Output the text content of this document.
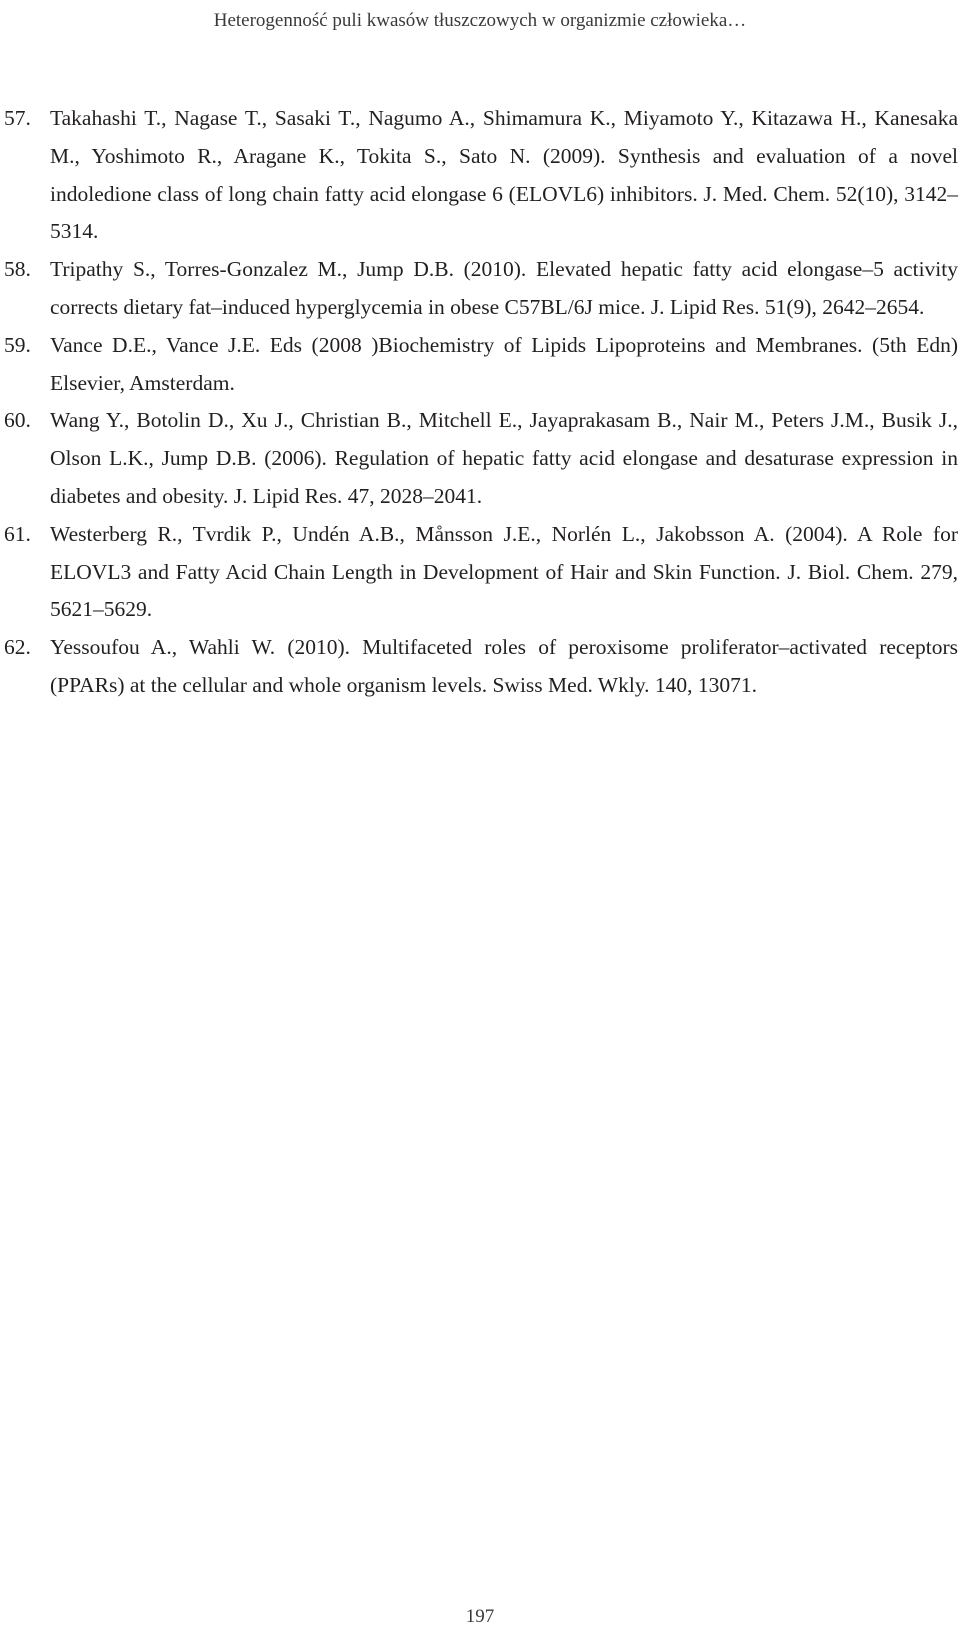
Heterogenność puli kwasów tłuszczowych w organizmie człowieka…
57. Takahashi T., Nagase T., Sasaki T., Nagumo A., Shimamura K., Miyamoto Y., Kitazawa H., Kanesaka M., Yoshimoto R., Aragane K., Tokita S., Sato N. (2009). Synthesis and evaluation of a novel indoledione class of long chain fatty acid elongase 6 (ELOVL6) inhibitors. J. Med. Chem. 52(10), 3142–5314.
58. Tripathy S., Torres-Gonzalez M., Jump D.B. (2010). Elevated hepatic fatty acid elongase–5 activity corrects dietary fat–induced hyperglycemia in obese C57BL/6J mice. J. Lipid Res. 51(9), 2642–2654.
59. Vance D.E., Vance J.E. Eds (2008 )Biochemistry of Lipids Lipoproteins and Membranes. (5th Edn) Elsevier, Amsterdam.
60. Wang Y., Botolin D., Xu J., Christian B., Mitchell E., Jayaprakasam B., Nair M., Peters J.M., Busik J., Olson L.K., Jump D.B. (2006). Regulation of hepatic fatty acid elongase and desaturase expression in diabetes and obesity. J. Lipid Res. 47, 2028–2041.
61. Westerberg R., Tvrdik P., Undén A.B., Månsson J.E., Norlén L., Jakobsson A. (2004). A Role for ELOVL3 and Fatty Acid Chain Length in Development of Hair and Skin Function. J. Biol. Chem. 279, 5621–5629.
62. Yessoufou A., Wahli W. (2010). Multifaceted roles of peroxisome proliferator–activated receptors (PPARs) at the cellular and whole organism levels. Swiss Med. Wkly. 140, 13071.
197
